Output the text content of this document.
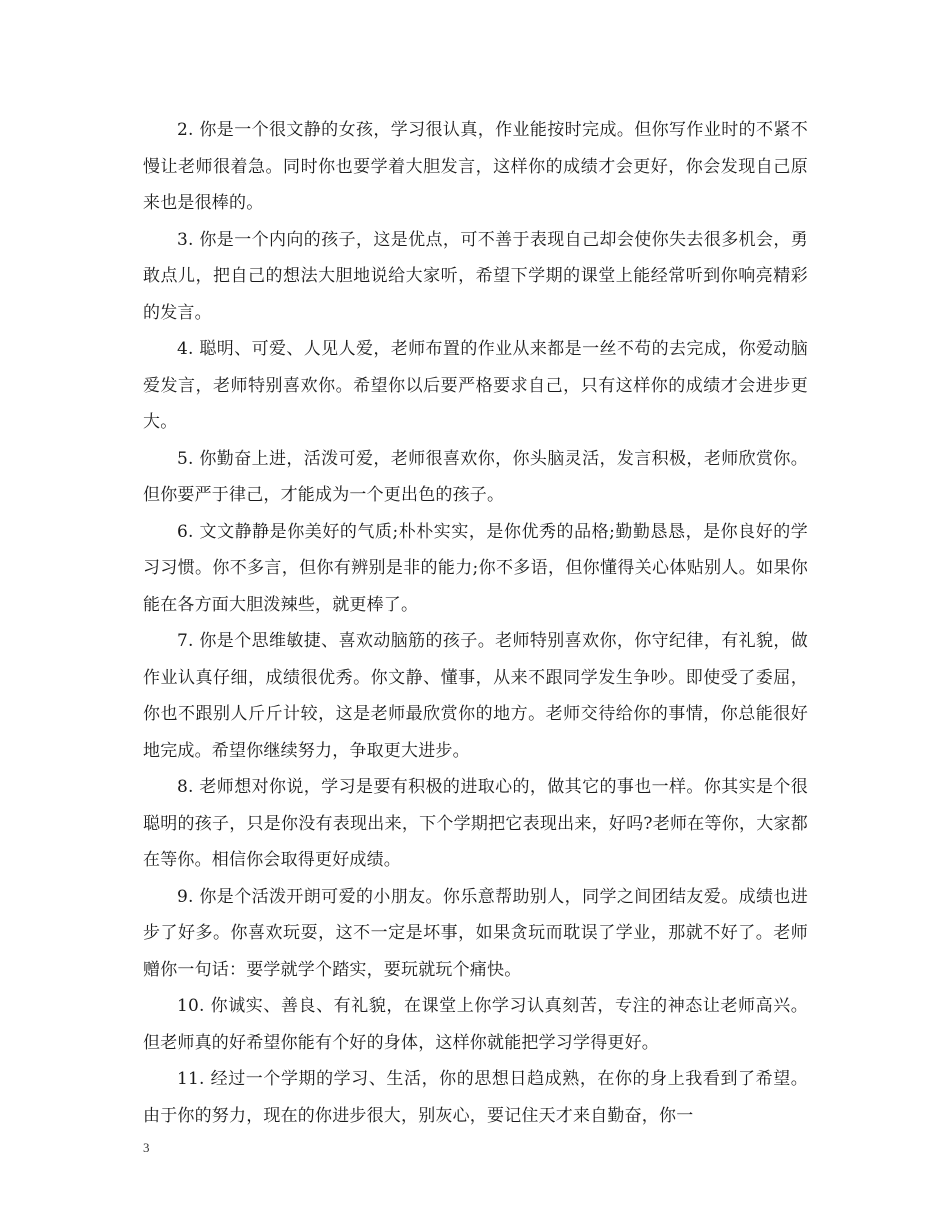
2. 你是一个很文静的女孩，学习很认真，作业能按时完成。但你写作业时的不紧不慢让老师很着急。同时你也要学着大胆发言，这样你的成绩才会更好，你会发现自己原来也是很棒的。

3. 你是一个内向的孩子，这是优点，可不善于表现自己却会使你失去很多机会，勇敢点儿，把自己的想法大胆地说给大家听，希望下学期的课堂上能经常听到你响亮精彩的发言。

4. 聪明、可爱、人见人爱，老师布置的作业从来都是一丝不苟的去完成，你爱动脑爱发言，老师特别喜欢你。希望你以后要严格要求自己，只有这样你的成绩才会进步更大。

5. 你勤奋上进，活泼可爱，老师很喜欢你，你头脑灵活，发言积极，老师欣赏你。但你要严于律己，才能成为一个更出色的孩子。

6. 文文静静是你美好的气质;朴朴实实，是你优秀的品格;勤勤恳恳，是你良好的学习习惯。你不多言，但你有辨别是非的能力;你不多语，但你懂得关心体贴别人。如果你能在各方面大胆泼辣些，就更棒了。

7. 你是个思维敏捷、喜欢动脑筋的孩子。老师特别喜欢你，你守纪律，有礼貌，做作业认真仔细，成绩很优秀。你文静、懂事，从来不跟同学发生争吵。即使受了委屈，你也不跟别人斤斤计较，这是老师最欣赏你的地方。老师交待给你的事情，你总能很好地完成。希望你继续努力，争取更大进步。

8. 老师想对你说，学习是要有积极的进取心的，做其它的事也一样。你其实是个很聪明的孩子，只是你没有表现出来，下个学期把它表现出来，好吗?老师在等你，大家都在等你。相信你会取得更好成绩。

9. 你是个活泼开朗可爱的小朋友。你乐意帮助别人，同学之间团结友爱。成绩也进步了好多。你喜欢玩耍，这不一定是坏事，如果贪玩而耽误了学业，那就不好了。老师赠你一句话：要学就学个踏实，要玩就玩个痛快。

10. 你诚实、善良、有礼貌，在课堂上你学习认真刻苦，专注的神态让老师高兴。但老师真的好希望你能有个好的身体，这样你就能把学习学得更好。

11. 经过一个学期的学习、生活，你的思想日趋成熟，在你的身上我看到了希望。由于你的努力，现在的你进步很大，别灰心，要记住天才来自勤奋，你一

3
